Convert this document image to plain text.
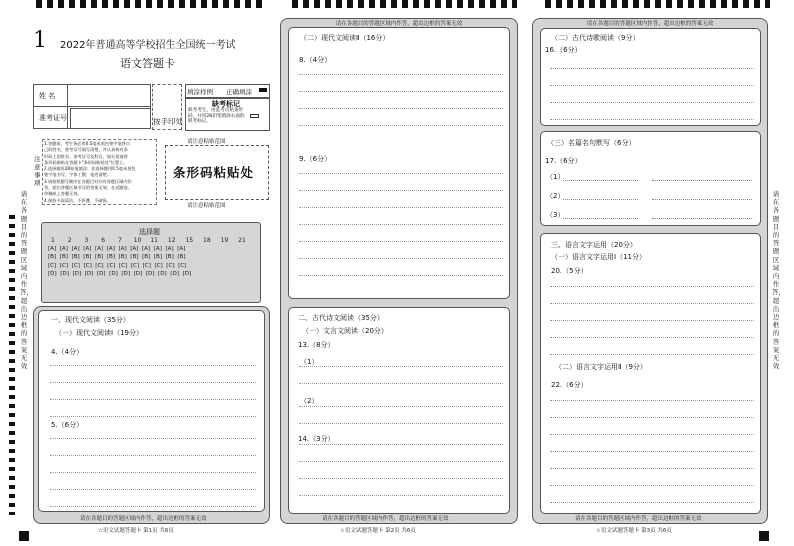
请在各题目的答题区域内作答，超出边框的答案无效
请在各题目的答题区域内作答，超出边框的答案无效
1 2022年普通高等学校招生全国统一考试
语文答题卡
姓 名	
准考证号		按手印处
填涂样例 正确填涂
缺考标记
缺考考生，由监考员粘条形码，并用2B铅笔填涂右面的缺考标记。
注意事项
1.答题前，考生务必用0.5毫米黑色签字笔将自
己的姓名、准考证号填写清楚，并认真核对条
形码上的姓名、准考证号及科目，如无误请将
条形码揭贴在答题卡"条形码粘贴处"位置上。
2.选择题用2B铅笔填涂；非选择题用0.5毫米黑色
签字笔书写，字体工整，笔迹清楚。
3.请按照题号顺序在各题目对应的答题区域内作
答，超出答题区域书写的答案无效；在试题卷、
草稿纸上答题无效。
4.保持卡面清洁，不折叠，不破损。
请注意粘贴范围
条形码粘贴处
请注意粘贴范围
选择题
1 2 3 6 7 10 11 12 15 18 19 21
[A]  [A]  [A]  [A]  [A]  [A]  [A]  [A]  [A]  [A]  [A]  [A]
[B]  [B]  [B]  [B]  [B]  [B]  [B]  [B]  [B]  [B]  [B]  [B]
[C]  [C]  [C]  [C]  [C]  [C]  [C]  [C]  [C]  [C]  [C]  [C]
[D]  [D]  [D]  [D]  [D]  [D]  [D]  [D]  [D]  [D]  [D]  [D]
一、现代文阅读（35分）
（一）现代文阅读Ⅰ（19分）
4.（4分）
5.（6分）
请在各题目的答题区域内作答，超出边框的答案无效
☆语文试题答题卡 第1页 共6页
请在各题目的答题区域内作答，超出边框的答案无效
（二）现代文阅读Ⅱ（16分）
8.（4分）
9.（6分）
二、古代诗文阅读（35分）
（一）文言文阅读（20分）
13.（8分）
（1）
（2）
14.（3分）
请在各题目的答题区域内作答，超出边框的答案无效
☆语文试题答题卡 第2页 共6页
请在各题目的答题区域内作答，超出边框的答案无效
（二）古代诗歌阅读（9分）
16.（6分）
（三）名篇名句默写（6分）
17.（6分）
（1）
（2）
（3）
三、语言文字运用（20分）
（一）语言文字运用Ⅰ（11分）
20.（5分）
（二）语言文字运用Ⅱ（9分）
22.（6分）
请在各题目的答题区域内作答，超出边框的答案无效
☆语文试题答题卡 第3页 共6页
